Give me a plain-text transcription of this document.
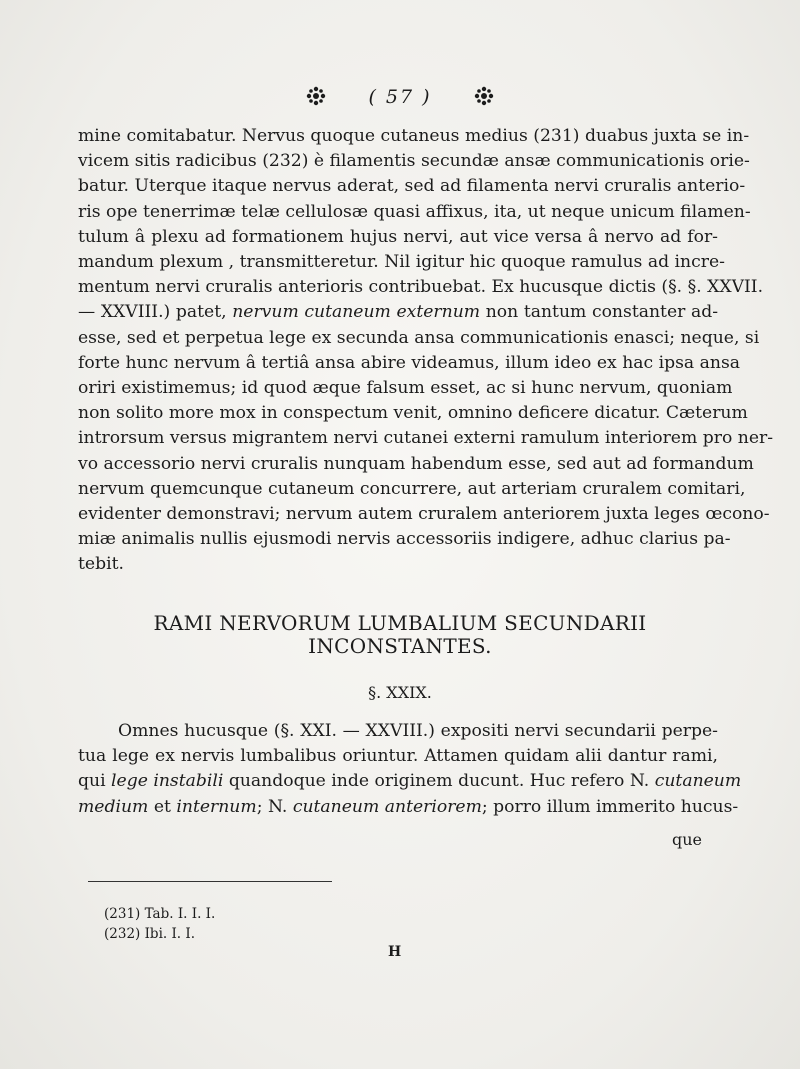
( 57 )
mine comitabatur. Nervus quoque cutaneus medius (231) duabus juxta se in-
vicem sitis radicibus (232) è filamentis secundæ ansæ communicationis orie-
batur. Uterque itaque nervus aderat, sed ad filamenta nervi cruralis anterio-
ris ope tenerrimæ telæ cellulosæ quasi affixus, ita, ut neque unicum filamen-
tulum â plexu ad formationem hujus nervi, aut vice versa â nervo ad for-
mandum plexum , transmitteretur. Nil igitur hic quoque ramulus ad incre-
mentum nervi cruralis anterioris contribuebat. Ex hucusque dictis (§. §. XXVII.
— XXVIII.) patet, nervum cutaneum externum non tantum constanter ad-
esse, sed et perpetua lege ex secunda ansa communicationis enasci; neque, si
forte hunc nervum â tertiâ ansa abire videamus, illum ideo ex hac ipsa ansa
oriri existimemus; id quod æque falsum esset, ac si hunc nervum, quoniam
non solito more mox in conspectum venit, omnino deficere dicatur. Cæterum
introrsum versus migrantem nervi cutanei externi ramulum interiorem pro ner-
vo accessorio nervi cruralis nunquam habendum esse, sed aut ad formandum
nervum quemcunque cutaneum concurrere, aut arteriam cruralem comitari,
evidenter demonstravi; nervum autem cruralem anteriorem juxta leges œcono-
miæ animalis nullis ejusmodi nervis accessoriis indigere, adhuc clarius pa-
tebit.
RAMI NERVORUM LUMBALIUM SECUNDARII
INCONSTANTES.
§. XXIX.
Omnes hucusque (§. XXI. — XXVIII.) expositi nervi secundarii perpe-
tua lege ex nervis lumbalibus oriuntur. Attamen quidam alii dantur rami,
qui lege instabili quandoque inde originem ducunt. Huc refero N. cutaneum
medium et internum; N. cutaneum anteriorem; porro illum immerito hucus-
que
(231) Tab. I. I. I.
(232) Ibi. I. I.
H
